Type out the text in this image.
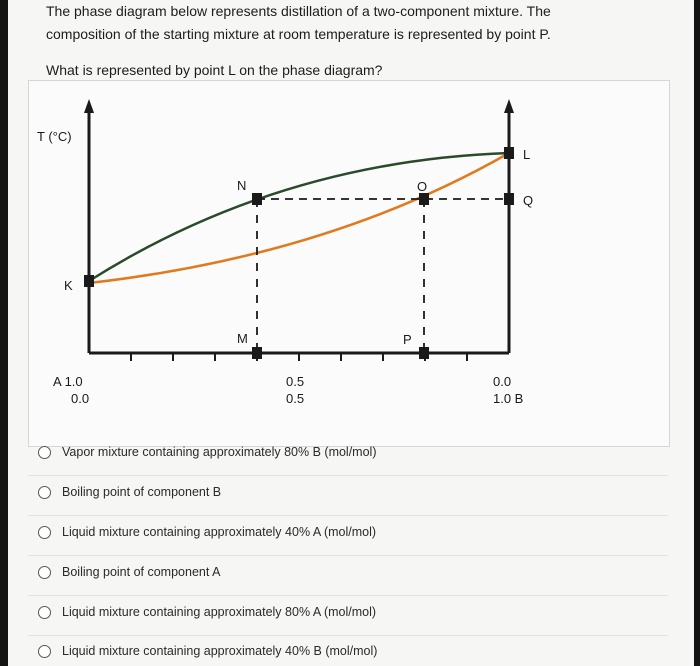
The phase diagram below represents distillation of a two-component mixture. The

composition of the starting mixture at room temperature is represented by point P.

What is represented by point L on the phase diagram?

T (°C)
L
Q
N	O
K
M	P
A 1.0
0.0
0.5
0.5
0.0
1.0 B
Vapor mixture containing approximately 80% B (mol/mol)
Boiling point of component B
Liquid mixture containing approximately 40% A (mol/mol)
Boiling point of component A
Liquid mixture containing approximately 80% A (mol/mol)
Liquid mixture containing approximately 40% B (mol/mol)
